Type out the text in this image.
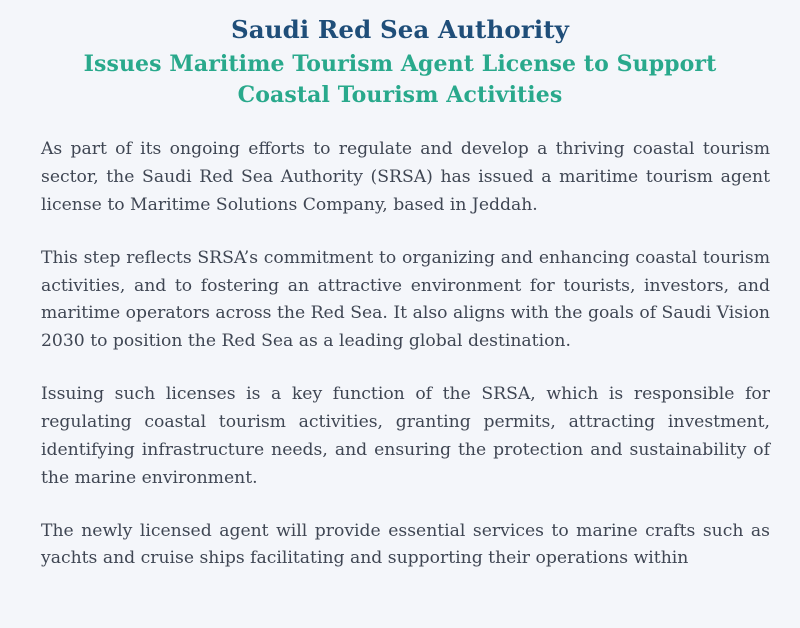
Saudi Red Sea Authority
Issues Maritime Tourism Agent License to Support Coastal Tourism Activities

As part of its ongoing efforts to regulate and develop a thriving coastal tourism sector, the Saudi Red Sea Authority (SRSA) has issued a maritime tourism agent license to Maritime Solutions Company, based in Jeddah.

This step reflects SRSA’s commitment to organizing and enhancing coastal tourism activities, and to fostering an attractive environment for tourists, investors, and maritime operators across the Red Sea. It also aligns with the goals of Saudi Vision 2030 to position the Red Sea as a leading global destination.

Issuing such licenses is a key function of the SRSA, which is responsible for regulating coastal tourism activities, granting permits, attracting investment, identifying infrastructure needs, and ensuring the protection and sustainability of the marine environment.

The newly licensed agent will provide essential services to marine crafts such as yachts and cruise ships facilitating and supporting their operations within
